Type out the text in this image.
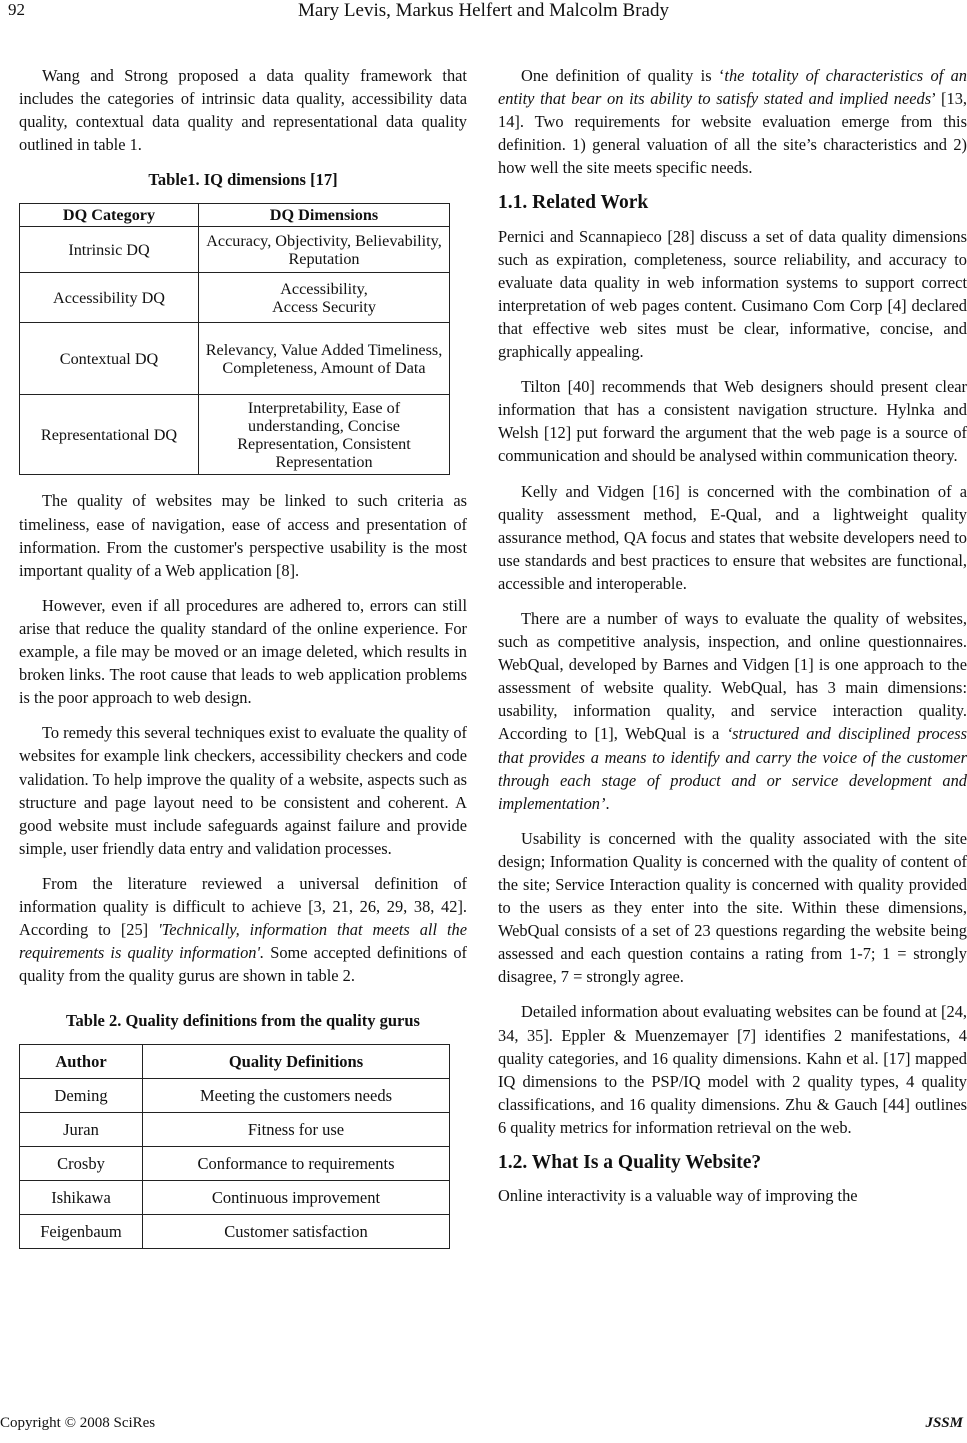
92	Mary Levis, Markus Helfert and Malcolm Brady

Wang and Strong proposed a data quality framework that includes the categories of intrinsic data quality, accessibility data quality, contextual data quality and representational data quality outlined in table 1.

Table1. IQ dimensions [17]
DQ Category	DQ Dimensions
Intrinsic DQ	Accuracy, Objectivity, Believability, Reputation
Accessibility DQ	Accessibility, Access Security
Contextual DQ	Relevancy, Value Added Timeliness, Completeness, Amount of Data
Representational DQ	Interpretability, Ease of understanding, Concise Representation, Consistent Representation

The quality of websites may be linked to such criteria as timeliness, ease of navigation, ease of access and presentation of information. From the customer's perspective usability is the most important quality of a Web application [8].

However, even if all procedures are adhered to, errors can still arise that reduce the quality standard of the online experience. For example, a file may be moved or an image deleted, which results in broken links. The root cause that leads to web application problems is the poor approach to web design.

To remedy this several techniques exist to evaluate the quality of websites for example link checkers, accessibility checkers and code validation. To help improve the quality of a website, aspects such as structure and page layout need to be consistent and coherent. A good website must include safeguards against failure and provide simple, user friendly data entry and validation processes.

From the literature reviewed a universal definition of information quality is difficult to achieve [3, 21, 26, 29, 38, 42]. According to [25] 'Technically, information that meets all the requirements is quality information'. Some accepted definitions of quality from the quality gurus are shown in table 2.

Table 2. Quality definitions from the quality gurus
Author	Quality Definitions
Deming	Meeting the customers needs
Juran	Fitness for use
Crosby	Conformance to requirements
Ishikawa	Continuous improvement
Feigenbaum	Customer satisfaction

One definition of quality is ‘the totality of characteristics of an entity that bear on its ability to satisfy stated and implied needs’ [13, 14]. Two requirements for website evaluation emerge from this definition. 1) general valuation of all the site’s characteristics and 2) how well the site meets specific needs.

1.1. Related Work

Pernici and Scannapieco [28] discuss a set of data quality dimensions such as expiration, completeness, source reliability, and accuracy to evaluate data quality in web information systems to support correct interpretation of web pages content. Cusimano Com Corp [4] declared that effective web sites must be clear, informative, concise, and graphically appealing.

Tilton [40] recommends that Web designers should present clear information that has a consistent navigation structure. Hylnka and Welsh [12] put forward the argument that the web page is a source of communication and should be analysed within communication theory.

Kelly and Vidgen [16] is concerned with the combination of a quality assessment method, E-Qual, and a lightweight quality assurance method, QA focus and states that website developers need to use standards and best practices to ensure that websites are functional, accessible and interoperable.

There are a number of ways to evaluate the quality of websites, such as competitive analysis, inspection, and online questionnaires. WebQual, developed by Barnes and Vidgen [1] is one approach to the assessment of website quality. WebQual, has 3 main dimensions: usability, information quality, and service interaction quality. According to [1], WebQual is a ‘structured and disciplined process that provides a means to identify and carry the voice of the customer through each stage of product and or service development and implementation’.

Usability is concerned with the quality associated with the site design; Information Quality is concerned with the quality of content of the site; Service Interaction quality is concerned with quality provided to the users as they enter into the site. Within these dimensions, WebQual consists of a set of 23 questions regarding the website being assessed and each question contains a rating from 1-7; 1 = strongly disagree, 7 = strongly agree.

Detailed information about evaluating websites can be found at [24, 34, 35]. Eppler & Muenzemayer [7] identifies 2 manifestations, 4 quality categories, and 16 quality dimensions. Kahn et al. [17] mapped IQ dimensions to the PSP/IQ model with 2 quality types, 4 quality classifications, and 16 quality dimensions. Zhu & Gauch [44] outlines 6 quality metrics for information retrieval on the web.

1.2. What Is a Quality Website?

Online interactivity is a valuable way of improving the

Copyright © 2008 SciRes	JSSM
